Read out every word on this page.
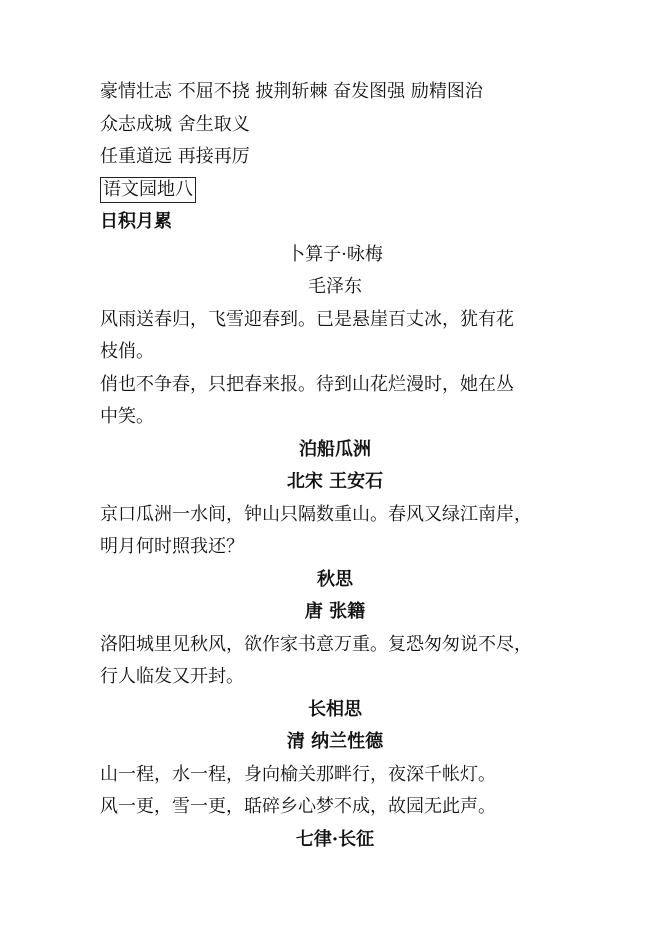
豪情壮志 不屈不挠 披荆斩棘 奋发图强 励精图治
众志成城 舍生取义
任重道远 再接再厉
语文园地八
日积月累
卜算子·咏梅
毛泽东
风雨送春归，飞雪迎春到。已是悬崖百丈冰，犹有花
枝俏。
俏也不争春，只把春来报。待到山花烂漫时，她在丛
中笑。
泊船瓜洲
北宋 王安石
京口瓜洲一水间，钟山只隔数重山。春风又绿江南岸，
明月何时照我还？
秋思
唐 张籍
洛阳城里见秋风，欲作家书意万重。复恐匆匆说不尽，
行人临发又开封。
长相思
清 纳兰性德
山一程，水一程，身向榆关那畔行，夜深千帐灯。
风一更，雪一更，聒碎乡心梦不成，故园无此声。
七律·长征
